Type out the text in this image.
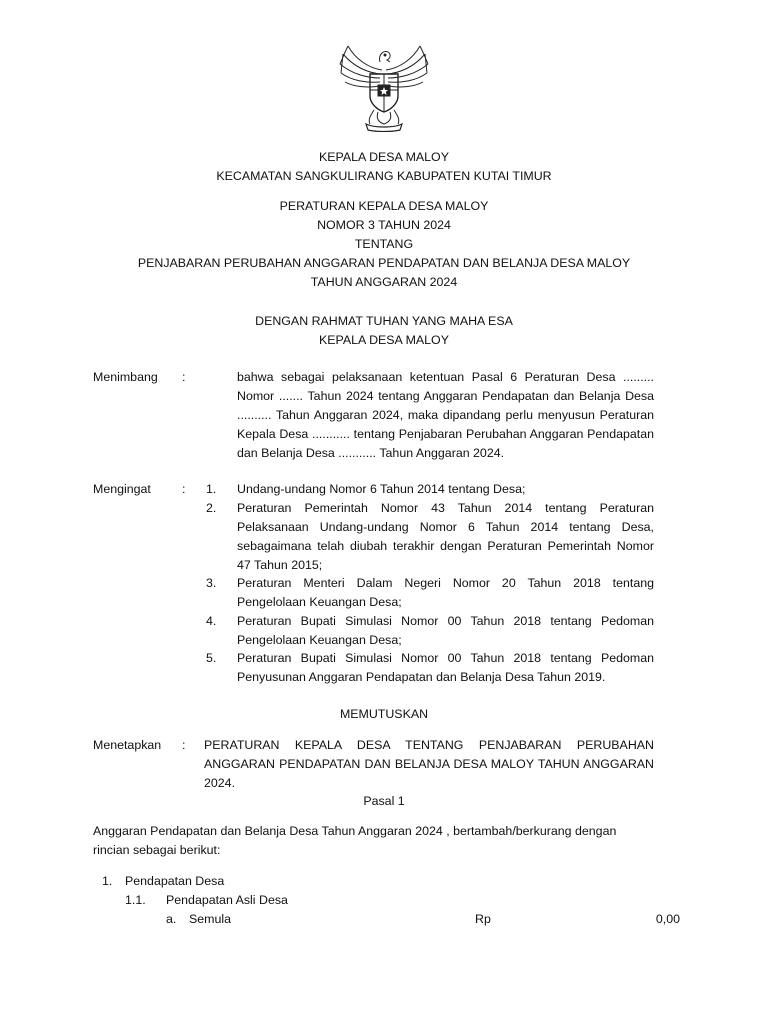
KEPALA DESA MALOY
KECAMATAN SANGKULIRANG KABUPATEN KUTAI TIMUR
PERATURAN KEPALA DESA MALOY
NOMOR 3 TAHUN 2024
TENTANG
PENJABARAN PERUBAHAN ANGGARAN PENDAPATAN DAN BELANJA DESA MALOY
TAHUN ANGGARAN 2024
DENGAN RAHMAT TUHAN YANG MAHA ESA
KEPALA DESA MALOY
Menimbang :	bahwa sebagai pelaksanaan ketentuan Pasal 6 Peraturan Desa ......... Nomor ....... Tahun 2024 tentang Anggaran Pendapatan dan Belanja Desa .......... Tahun Anggaran 2024, maka dipandang perlu menyusun Peraturan Kepala Desa ........... tentang Penjabaran Perubahan Anggaran Pendapatan dan Belanja Desa ........... Tahun Anggaran 2024.
Mengingat	: 1. Undang-undang Nomor 6 Tahun 2014 tentang Desa;
2. Peraturan Pemerintah Nomor 43 Tahun 2014 tentang Peraturan Pelaksanaan Undang-undang Nomor 6 Tahun 2014 tentang Desa, sebagaimana telah diubah terakhir dengan Peraturan Pemerintah Nomor 47 Tahun 2015;
3. Peraturan Menteri Dalam Negeri Nomor 20 Tahun 2018 tentang Pengelolaan Keuangan Desa;
4. Peraturan Bupati Simulasi Nomor 00 Tahun 2018 tentang Pedoman Pengelolaan Keuangan Desa;
5. Peraturan Bupati Simulasi Nomor 00 Tahun 2018 tentang Pedoman Penyusunan Anggaran Pendapatan dan Belanja Desa Tahun 2019.
MEMUTUSKAN
Menetapkan : PERATURAN KEPALA DESA TENTANG PENJABARAN PERUBAHAN ANGGARAN PENDAPATAN DAN BELANJA DESA MALOY TAHUN ANGGARAN 2024.
Pasal 1
Anggaran Pendapatan dan Belanja Desa Tahun Anggaran 2024 , bertambah/berkurang dengan
rincian sebagai berikut:
1. Pendapatan Desa
1.1. Pendapatan Asli Desa
a. Semula	Rp	0,00
